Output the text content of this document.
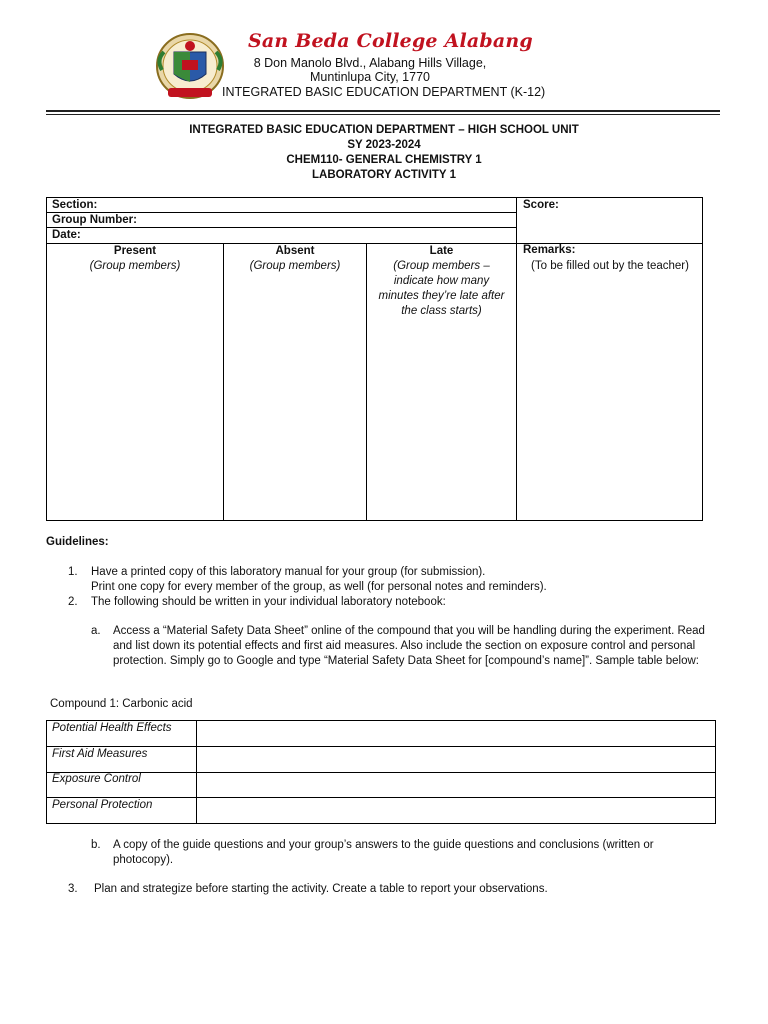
San Beda College Alabang
8 Don Manolo Blvd., Alabang Hills Village,
Muntinlupa City, 1770
INTEGRATED BASIC EDUCATION DEPARTMENT (K-12)
INTEGRATED BASIC EDUCATION DEPARTMENT – HIGH SCHOOL UNIT
SY 2023-2024
CHEM110- GENERAL CHEMISTRY 1
LABORATORY ACTIVITY 1
Section:
Group Number:
Date:
Score:
Present
(Group members)
Absent
(Group members)
Late
(Group members – indicate how many minutes they’re late after the class starts)
Remarks:
(To be filled out by the teacher)
Guidelines:
1. Have a printed copy of this laboratory manual for your group (for submission).
Print one copy for every member of the group, as well (for personal notes and reminders).
2. The following should be written in your individual laboratory notebook:
a. Access a “Material Safety Data Sheet” online of the compound that you will be handling during the experiment. Read and list down its potential effects and first aid measures. Also include the section on exposure control and personal protection. Simply go to Google and type “Material Safety Data Sheet for [compound’s name]”. Sample table below:
Compound 1: Carbonic acid
Potential Health Effects
First Aid Measures
Exposure Control
Personal Protection
b. A copy of the guide questions and your group’s answers to the guide questions and conclusions (written or photocopy).
3. Plan and strategize before starting the activity. Create a table to report your observations.
